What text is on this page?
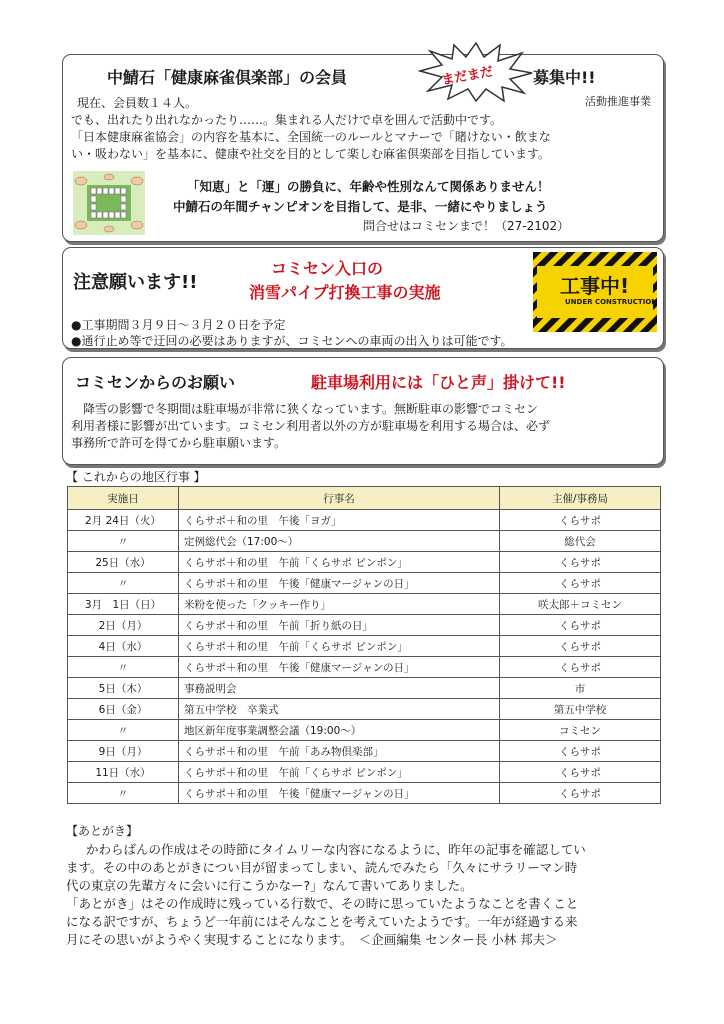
中鯖石「健康麻雀倶楽部」の会員	まだまだ 募集中!!
活動推進事業
現在、会員数１４人。
でも、出れたり出れなかったり……。集まれる人だけで卓を囲んで活動中です。
「日本健康麻雀協会」の内容を基本に、全国統一のルールとマナーで「賭けない・飲まな
い・吸わない」を基本に、健康や社交を目的として楽しむ麻雀倶楽部を目指しています。
「知恵」と「運」の勝負に、年齢や性別なんて関係ありません！
中鯖石の年間チャンピオンを目指して、是非、一緒にやりましょう
問合せはコミセンまで！（27-2102）
注意願います!!
コミセン入口の
消雪パイプ打換工事の実施	工事中!
UNDER CONSTRUCTION
●工事期間３月９日～３月２０日を予定
●通行止め等で迂回の必要はありますが、コミセンへの車両の出入りは可能です。
コミセンからのお願い	駐車場利用には「ひと声」掛けて!!
降雪の影響で冬期間は駐車場が非常に狭くなっています。無断駐車の影響でコミセン
利用者様に影響が出ています。コミセン利用者以外の方が駐車場を利用する場合は、必ず
事務所で許可を得てから駐車願います。
【 これからの地区行事 】
実施日	行事名	主催/事務局
2月 24日（火）	くらサポ＋和の里　午後「ヨガ」	くらサポ
〃	定例総代会（17:00～）	総代会
25日（水）	くらサポ＋和の里　午前「くらサポ ピンポン」	くらサポ
〃	くらサポ＋和の里　午後「健康マージャンの日」	くらサポ
3月　1日（日）	米粉を使った「クッキー作り」	咲太郎＋コミセン
2日（月）	くらサポ＋和の里　午前「折り紙の日」	くらサポ
4日（水）	くらサポ＋和の里　午前「くらサポ ピンポン」	くらサポ
〃	くらサポ＋和の里　午後「健康マージャンの日」	くらサポ
5日（木）	事務説明会	市
6日（金）	第五中学校　卒業式	第五中学校
〃	地区新年度事業調整会議（19:00～）	コミセン
9日（月）	くらサポ＋和の里　午前「あみ物倶楽部」	くらサポ
11日（水）	くらサポ＋和の里　午前「くらサポ ピンポン」	くらサポ
〃	くらサポ＋和の里　午後「健康マージャンの日」	くらサポ
【あとがき】
かわらばんの作成はその時節にタイムリーな内容になるように、昨年の記事を確認してい
ます。その中のあとがきについ目が留まってしまい、読んでみたら「久々にサラリーマン時
代の東京の先輩方々に会いに行こうかなー?」なんて書いてありました。
「あとがき」はその作成時に残っている行数で、その時に思っていたようなことを書くこと
になる訳ですが、ちょうど一年前にはそんなことを考えていたようです。一年が経過する来
月にその思いがようやく実現することになります。　＜企画編集 センター長 小林 邦夫＞
